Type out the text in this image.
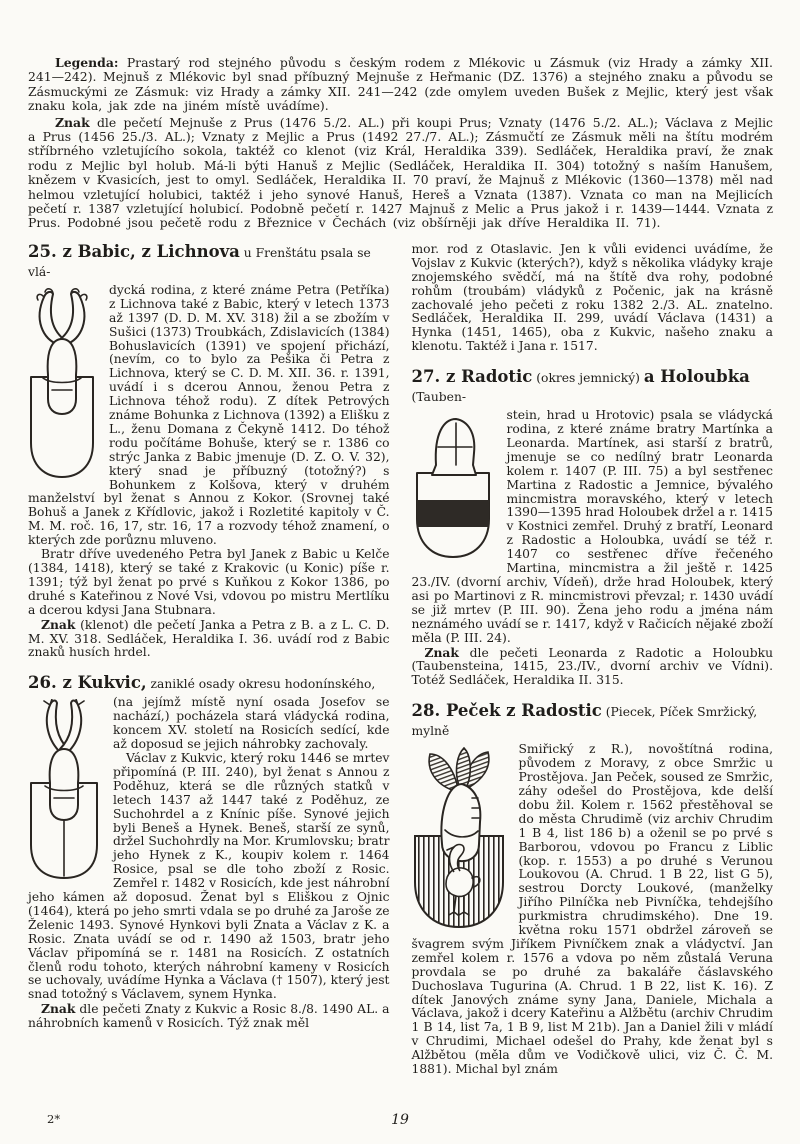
Legenda: Prastarý rod stejného původu s českým rodem z Mlékovic u Zásmuk (viz Hrady a zámky XII. 241—242). Mejnuš z Mlékovic byl snad příbuzný Mejnuše z Heřmanic (DZ. 1376) a stejného znaku a původu se Zásmuckými ze Zásmuk: viz Hrady a zámky XII. 241—242 (zde omylem uveden Bušek z Mejlic, který jest však znaku kola, jak zde na jiném místě uvádíme).

Znak dle pečetí Mejnuše z Prus (1476 5./2. AL.) při koupi Prus; Vznaty (1476 5./2. AL.); Václava z Mejlic a Prus (1456 25./3. AL.); Vznaty z Mejlic a Prus (1492 27./7. AL.); Zásmučtí ze Zásmuk měli na štítu modrém stříbrného vzletujícího sokola, taktéž co klenot (viz Král, Heraldika 339). Sedláček, Heraldika praví, že znak rodu z Mejlic byl holub. Má-li býti Hanuš z Mejlic (Sedláček, Heraldika II. 304) totožný s naším Hanušem, knězem v Kvasicích, jest to omyl. Sedláček, Heraldika II. 70 praví, že Majnuš z Mlékovic (1360—1378) měl nad helmou vzletující holubici, taktéž i jeho synové Hanuš, Hereš a Vznata (1387). Vznata co man na Mejlicích pečetí r. 1387 vzletující holubicí. Podobně pečetí r. 1427 Majnuš z Melic a Prus jakož i r. 1439—1444. Vznata z Prus. Podobné jsou pečetě rodu z Březnice v Čechách (viz obšírněji jak dříve Heraldika II. 71).

25. z Babic, z Lichnova u Frenštátu psala se vlá-

dycká rodina, z které známe Petra (Petříka) z Lichnova také z Babic, který v letech 1373 až 1397 (D. D. M. XV. 318) žil a se zbožím v Sušici (1373) Troubkách, Zdislavicích (1384) Bohuslavicích (1391) ve spojení přichází, (nevím, co to bylo za Pešika či Petra z Lichnova, který se C. D. M. XII. 36. r. 1391, uvádí i s dcerou Annou, ženou Petra z Lichnova téhož rodu). Z dítek Petrových známe Bohunka z Lichnova (1392) a Elišku z L., ženu Domana z Čekyně 1412. Do téhož rodu počítáme Bohuše, který se r. 1386 co strýc Janka z Babic jmenuje (D. Z. O. V. 32), který snad je příbuzný (totožný?) s Bohunkem z Kolšova, který v druhém manželství byl ženat s Annou z Kokor. (Srovnej také Bohuš a Janek z Křídlovic, jakož i Rozletité kapitoly v Č. M. M. roč. 16, 17, str. 16, 17 a rozvody téhož znamení, o kterých zde porůznu mluveno.

Bratr dříve uvedeného Petra byl Janek z Babic u Kelče (1384, 1418), který se také z Krakovic (u Konic) píše r. 1391; týž byl ženat po prvé s Kuňkou z Kokor 1386, po druhé s Kateřinou z Nové Vsi, vdovou po mistru Mertlíku a dcerou kdysi Jana Stubnara.

Znak (klenot) dle pečetí Janka a Petra z B. a z L. C. D. M. XV. 318. Sedláček, Heraldika I. 36. uvádí rod z Babic znaků husích hrdel.

26. z Kukvic, zaniklé osady okresu hodonínského,

(na jejímž místě nyní osada Josefov se nachází,) pocházela stará vládycká rodina, koncem XV. století na Rosicích sedící, kde až doposud se jejich náhrobky zachovaly.

Václav z Kukvic, který roku 1446 se mrtev připomíná (P. III. 240), byl ženat s Annou z Poděhuz, která se dle různých statků v letech 1437 až 1447 také z Poděhuz, ze Suchohrdel a z Knínic píše. Synové jejich byli Beneš a Hynek. Beneš, starší ze synů, držel Suchohrdly na Mor. Krumlovsku; bratr jeho Hynek z K., koupiv kolem r. 1464 Rosice, psal se dle toho zboží z Rosic. Zemřel r. 1482 v Rosicích, kde jest náhrobní jeho kámen až doposud. Ženat byl s Eliškou z Ojnic (1464), která po jeho smrti vdala se po druhé za Jaroše ze Želenic 1493. Synové Hynkovi byli Znata a Václav z K. a Rosic. Znata uvádí se od r. 1490 až 1503, bratr jeho Václav připomíná se r. 1481 na Rosicích. Z ostatních členů rodu tohoto, kterých náhrobní kameny v Rosicích se uchovaly, uvádíme Hynka a Václava († 1507), který jest snad totožný s Václavem, synem Hynka.

Znak dle pečeti Znaty z Kukvic a Rosic 8./8. 1490 AL. a náhrobních kamenů v Rosicích. Týž znak měl

mor. rod z Otaslavic. Jen k vůli evidenci uvádíme, že Vojslav z Kukvic (kterých?), když s několika vládyky kraje znojemského svědčí, má na štítě dva rohy, podobné rohům (troubám) vládyků z Počenic, jak na krásně zachovalé jeho pečeti z roku 1382 2./3. AL. znatelno. Sedláček, Heraldika II. 299, uvádí Václava (1431) a Hynka (1451, 1465), oba z Kukvic, našeho znaku a klenotu. Taktéž i Jana r. 1517.

27. z Radotic (okres jemnický) a Holoubka (Tauben-

stein, hrad u Hrotovic) psala se vládycká rodina, z které známe bratry Martínka a Leonarda. Martínek, asi starší z bratrů, jmenuje se co nedílný bratr Leonarda kolem r. 1407 (P. III. 75) a byl sestřenec Martina z Radostic a Jemnice, bývalého mincmistra moravského, který v letech 1390—1395 hrad Holoubek držel a r. 1415 v Kostnici zemřel. Druhý z bratří, Leonard z Radostic a Holoubka, uvádí se též r. 1407 co sestřenec dříve řečeného Martina, mincmistra a žil ještě r. 1425 23./IV. (dvorní archiv, Vídeň), drže hrad Holoubek, který asi po Martinovi z R. mincmistrovi převzal; r. 1430 uvádí se již mrtev (P. III. 90). Žena jeho rodu a jména nám neznámého uvádí se r. 1417, když v Račicích nějaké zboží měla (P. III. 24).

Znak dle pečeti Leonarda z Radotic a Holoubku (Taubensteina, 1415, 23./IV., dvorní archiv ve Vídni). Totéž Sedláček, Heraldika II. 315.

28. Peček z Radostic (Piecek, Píček Smržický, mylně

Smiřický z R.), novoštítná rodina, původem z Moravy, z obce Smržic u Prostějova. Jan Peček, soused ze Smržic, záhy odešel do Prostějova, kde delší dobu žil. Kolem r. 1562 přestěhoval se do města Chrudimě (viz archiv Chrudim 1 B 4, list 186 b) a oženil se po prvé s Barborou, vdovou po Francu z Liblic (kop. r. 1553) a po druhé s Verunou Loukovou (A. Chrud. 1 B 22, list G 5), sestrou Dorcty Loukové, (manželky Jiřího Pilníčka neb Pivníčka, tehdejšího purkmistra chrudimského). Dne 19. května roku 1571 obdržel zároveň se švagrem svým Jiříkem Pivníčkem znak a vládyctví. Jan zemřel kolem r. 1576 a vdova po něm zůstalá Veruna provdala se po druhé za bakaláře čáslavského Duchoslava Tugurina (A. Chrud. 1 B 22, list K. 16). Z dítek Janových známe syny Jana, Daniele, Michala a Václava, jakož i dcery Kateřinu a Alžbětu (archiv Chrudim 1 B 14, list 7a, 1 B 9, list M 21b). Jan a Daniel žili v mládí v Chrudimi, Michael odešel do Prahy, kde ženat byl s Alžbětou (měla dům ve Vodičkově ulici, viz Č. Č. M. 1881). Michal byl znám

2*	19
